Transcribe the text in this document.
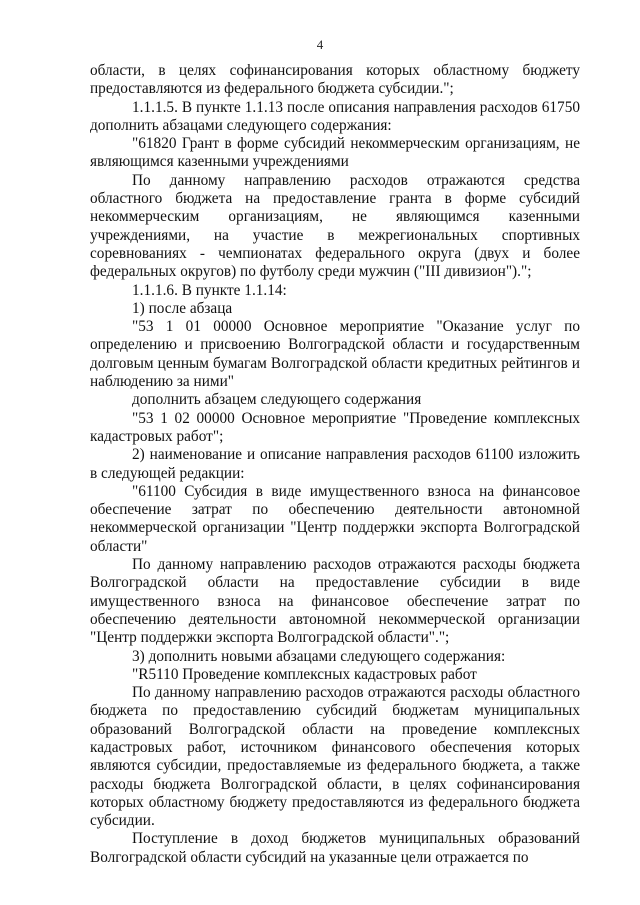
4

области, в целях софинансирования которых областному бюджету предоставляются из федерального бюджета субсидии.";

1.1.1.5. В пункте 1.1.13 после описания направления расходов 61750 дополнить абзацами следующего содержания:

"61820 Грант в форме субсидий некоммерческим организациям, не являющимся казенными учреждениями

По данному направлению расходов отражаются средства областного бюджета на предоставление гранта в форме субсидий некоммерческим организациям, не являющимся казенными учреждениями, на участие в межрегиональных спортивных соревнованиях - чемпионатах федерального округа (двух и более федеральных округов) по футболу среди мужчин ("III дивизион").";

1.1.1.6. В пункте 1.1.14:

1) после абзаца

"53 1 01 00000 Основное мероприятие "Оказание услуг по определению и присвоению Волгоградской области и государственным долговым ценным бумагам Волгоградской области кредитных рейтингов и наблюдению за ними"

дополнить абзацем следующего содержания

"53 1 02 00000 Основное мероприятие "Проведение комплексных кадастровых работ";

2) наименование и описание направления расходов 61100 изложить в следующей редакции:

"61100 Субсидия в виде имущественного взноса на финансовое обеспечение затрат по обеспечению деятельности автономной некоммерческой организации "Центр поддержки экспорта Волгоградской области"

По данному направлению расходов отражаются расходы бюджета Волгоградской области на предоставление субсидии в виде имущественного взноса на финансовое обеспечение затрат по обеспечению деятельности автономной некоммерческой организации "Центр поддержки экспорта Волгоградской области".";

3) дополнить новыми абзацами следующего содержания:

"R5110 Проведение комплексных кадастровых работ

По данному направлению расходов отражаются расходы областного бюджета по предоставлению субсидий бюджетам муниципальных образований Волгоградской области на проведение комплексных кадастровых работ, источником финансового обеспечения которых являются субсидии, предоставляемые из федерального бюджета, а также расходы бюджета Волгоградской области, в целях софинансирования которых областному бюджету предоставляются из федерального бюджета субсидии.

Поступление в доход бюджетов муниципальных образований Волгоградской области субсидий на указанные цели отражается по
